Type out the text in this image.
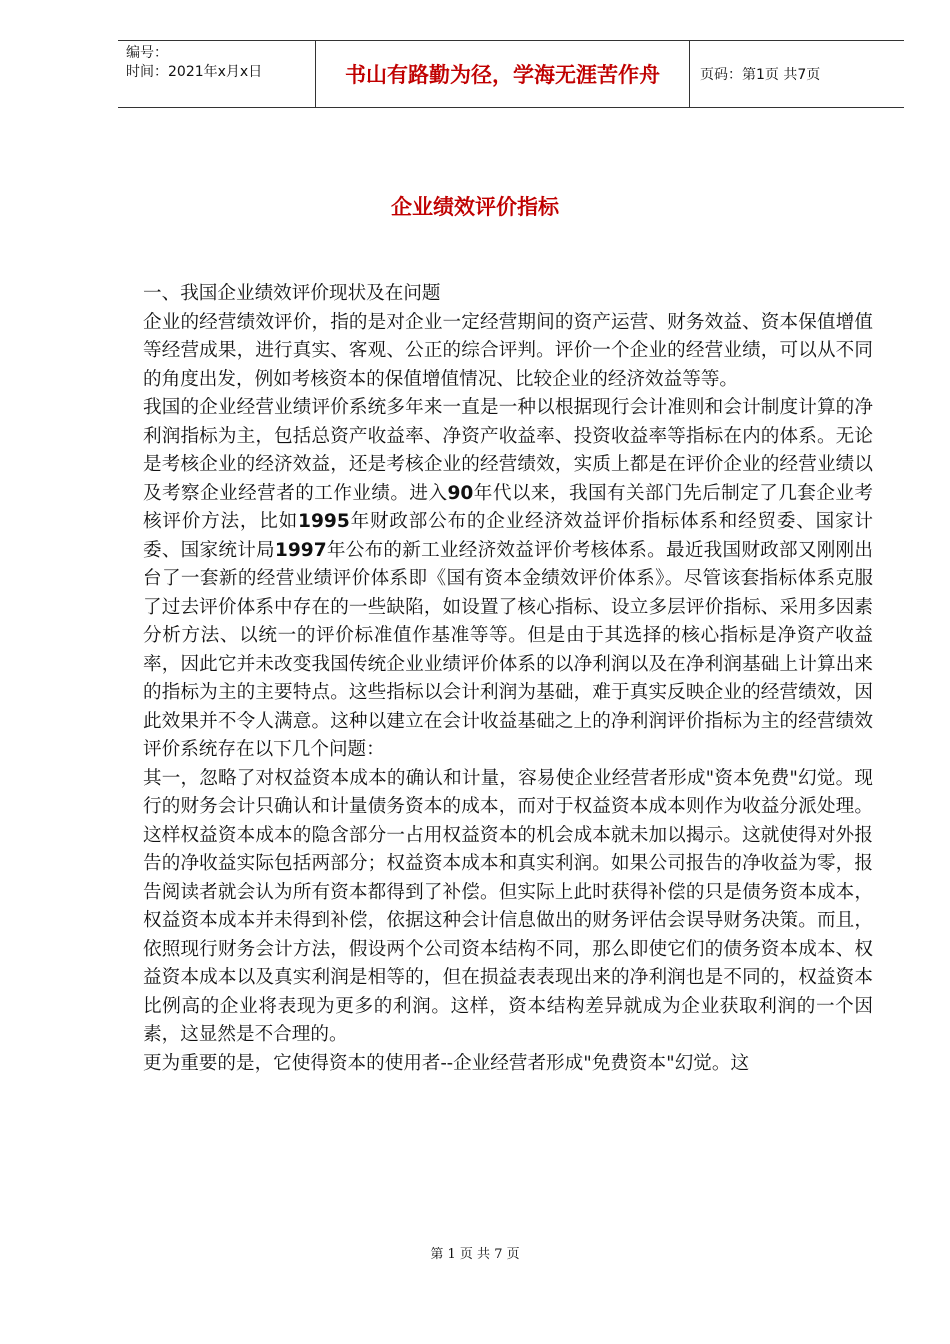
编号：
时间：2021年x月x日	书山有路勤为径，学海无涯苦作舟	页码：第1页 共7页
企业绩效评价指标

一、我国企业绩效评价现状及在问题

企业的经营绩效评价，指的是对企业一定经营期间的资产运营、财务效益、资本保值增值等经营成果，进行真实、客观、公正的综合评判。评价一个企业的经营业绩，可以从不同的角度出发，例如考核资本的保值增值情况、比较企业的经济效益等等。

我国的企业经营业绩评价系统多年来一直是一种以根据现行会计准则和会计制度计算的净利润指标为主，包括总资产收益率、净资产收益率、投资收益率等指标在内的体系。无论是考核企业的经济效益，还是考核企业的经营绩效，实质上都是在评价企业的经营业绩以及考察企业经营者的工作业绩。进入90年代以来，我国有关部门先后制定了几套企业考核评价方法，比如1995年财政部公布的企业经济效益评价指标体系和经贸委、国家计委、国家统计局1997年公布的新工业经济效益评价考核体系。最近我国财政部又刚刚出台了一套新的经营业绩评价体系即《国有资本金绩效评价体系》。尽管该套指标体系克服了过去评价体系中存在的一些缺陷，如设置了核心指标、设立多层评价指标、采用多因素分析方法、以统一的评价标准值作基准等等。但是由于其选择的核心指标是净资产收益率，因此它并未改变我国传统企业业绩评价体系的以净利润以及在净利润基础上计算出来的指标为主的主要特点。这些指标以会计利润为基础，难于真实反映企业的经营绩效，因此效果并不令人满意。这种以建立在会计收益基础之上的净利润评价指标为主的经营绩效评价系统存在以下几个问题：

其一，忽略了对权益资本成本的确认和计量，容易使企业经营者形成"资本免费"幻觉。现行的财务会计只确认和计量债务资本的成本，而对于权益资本成本则作为收益分派处理。这样权益资本成本的隐含部分一占用权益资本的机会成本就未加以揭示。这就使得对外报告的净收益实际包括两部分；权益资本成本和真实利润。如果公司报告的净收益为零，报告阅读者就会认为所有资本都得到了补偿。但实际上此时获得补偿的只是债务资本成本，权益资本成本并未得到补偿，依据这种会计信息做出的财务评估会误导财务决策。而且，依照现行财务会计方法，假设两个公司资本结构不同，那么即使它们的债务资本成本、权益资本成本以及真实利润是相等的，但在损益表表现出来的净利润也是不同的，权益资本比例高的企业将表现为更多的利润。这样，资本结构差异就成为企业获取利润的一个因素，这显然是不合理的。

更为重要的是，它使得资本的使用者--企业经营者形成"免费资本"幻觉。这

第 1 页 共 7 页
